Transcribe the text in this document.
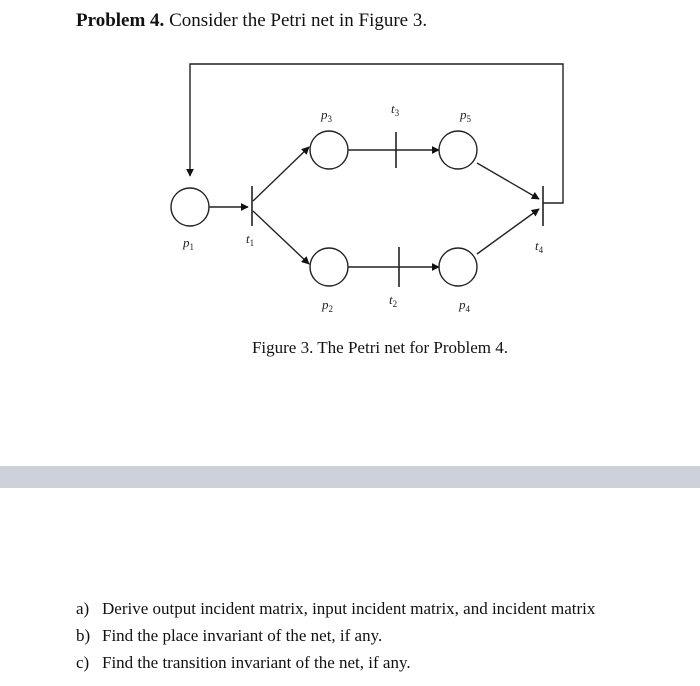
Problem 4. Consider the Petri net in Figure 3.
$p_1$
$t_1$
$p_3$
$t_3$	$p_5$
$t_4$
$p_2$
$t_2$	$p_4$
Figure 3. The Petri net for Problem 4.
a) Derive output incident matrix, input incident matrix, and incident matrix
b) Find the place invariant of the net, if any.
c) Find the transition invariant of the net, if any.
